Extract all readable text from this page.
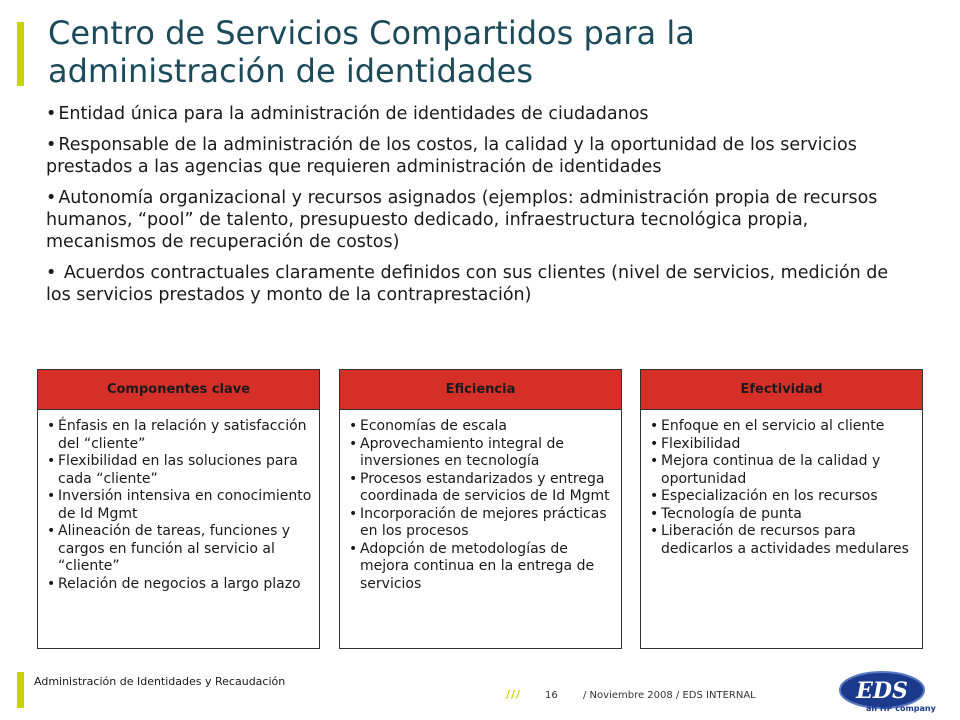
Centro de Servicios Compartidos para la administración de identidades
• Entidad única para la administración de identidades de ciudadanos
• Responsable de la administración de los costos, la calidad y la oportunidad de los servicios prestados a las agencias que requieren administración de identidades
• Autonomía organizacional y recursos asignados (ejemplos: administración propia de recursos humanos, “pool” de talento, presupuesto dedicado, infraestructura tecnológica propia, mecanismos de recuperación de costos)
• Acuerdos contractuales claramente definidos con sus clientes (nivel de servicios, medición de los servicios prestados y monto de la contraprestación)
Componentes clave
• Énfasis en la relación y satisfacción del “cliente”
• Flexibilidad en las soluciones para cada “cliente”
• Inversión intensiva en conocimiento de Id Mgmt
• Alineación de tareas, funciones y cargos en función al servicio al “cliente”
• Relación de negocios a largo plazo
Eficiencia
• Economías de escala
• Aprovechamiento integral de inversiones en tecnología
• Procesos estandarizados y entrega coordinada de servicios de Id Mgmt
• Incorporación de mejores prácticas en los procesos
• Adopción de metodologías de mejora continua en la entrega de servicios
Efectividad
• Enfoque en el servicio al cliente
• Flexibilidad
• Mejora continua de la calidad y oportunidad
• Especialización en los recursos
• Tecnología de punta
• Liberación de recursos para dedicarlos a actividades medulares
Administración de Identidades y Recaudación
/// 16	/ Noviembre 2008 / EDS INTERNAL	EDS
an HP company
